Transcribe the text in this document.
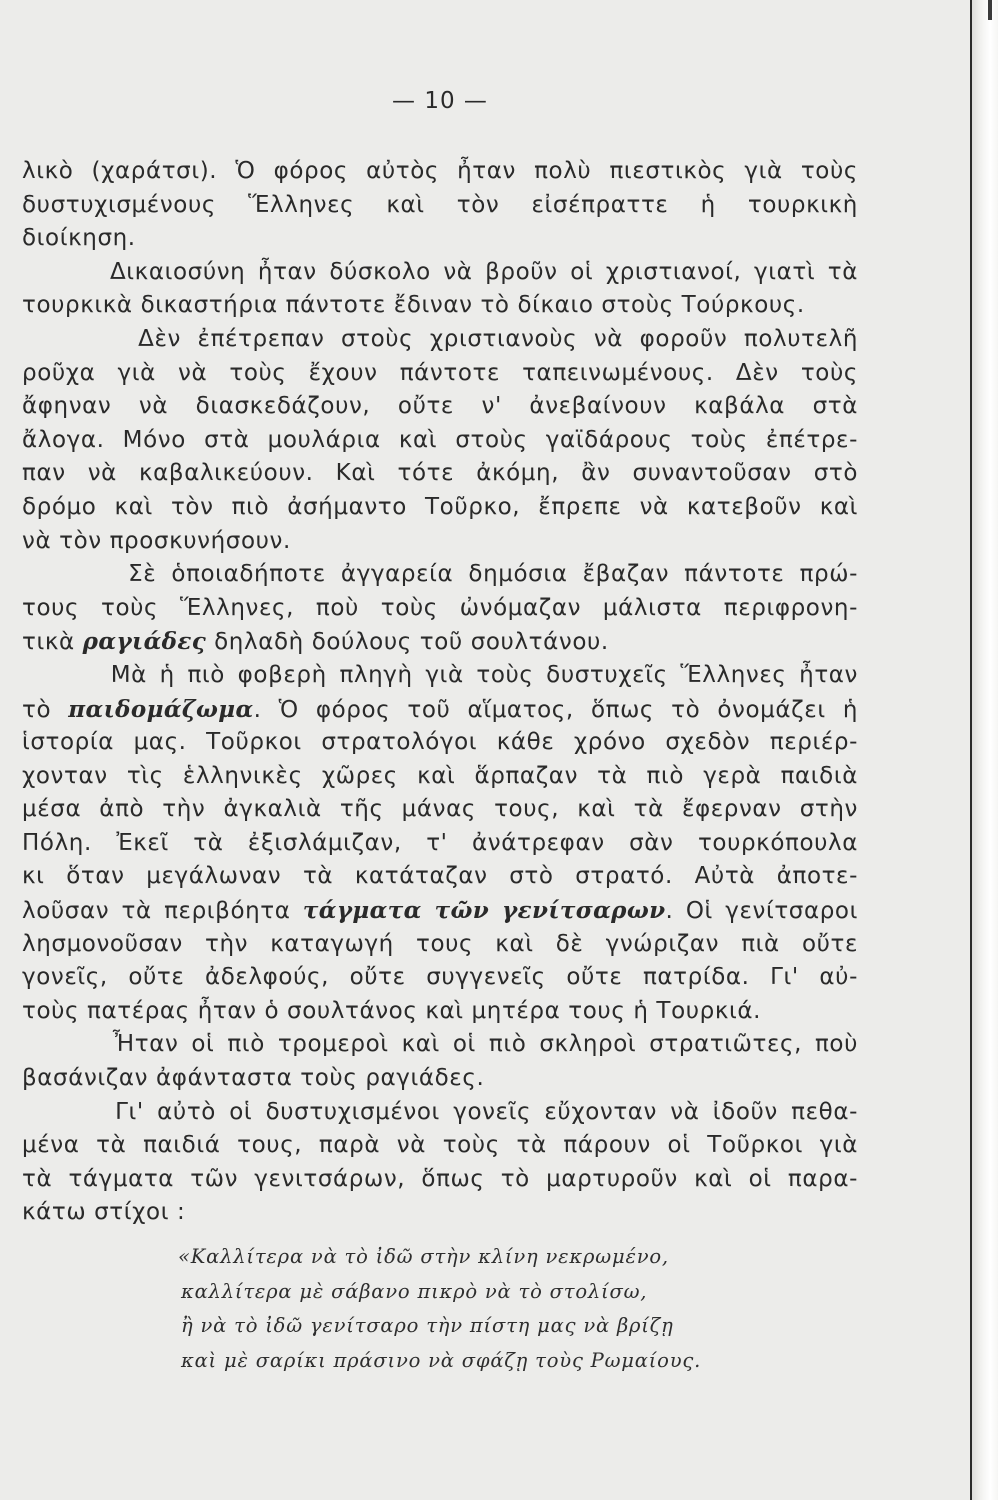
— 10 —
λικὸ (χαράτσι). Ὁ φόρος αὐτὸς ἦταν πολὺ πιεστικὸς γιὰ τοὺς
δυστυχισμένους Ἕλληνες καὶ τὸν εἰσέπραττε ἡ τουρκικὴ
διοίκηση.
Δικαιοσύνη ἦταν δύσκολο νὰ βροῦν οἱ χριστιανοί, γιατὶ τὰ
τουρκικὰ δικαστήρια πάντοτε ἔδιναν τὸ δίκαιο στοὺς Τούρκους.
Δὲν ἐπέτρεπαν στοὺς χριστιανοὺς νὰ φοροῦν πολυτελῆ
ροῦχα γιὰ νὰ τοὺς ἔχουν πάντοτε ταπεινωμένους. Δὲν τοὺς
ἄφηναν νὰ διασκεδάζουν, οὔτε ν' ἀνεβαίνουν καβάλα στὰ
ἄλογα. Μόνο στὰ μουλάρια καὶ στοὺς γαϊδάρους τοὺς ἐπέτρε-
παν νὰ καβαλικεύουν. Καὶ τότε ἀκόμη, ἂν συναντοῦσαν στὸ
δρόμο καὶ τὸν πιὸ ἀσήμαντο Τοῦρκο, ἔπρεπε νὰ κατεβοῦν καὶ
νὰ τὸν προσκυνήσουν.
Σὲ ὁποιαδήποτε ἀγγαρεία δημόσια ἔβαζαν πάντοτε πρώ-
τους τοὺς Ἕλληνες, ποὺ τοὺς ὠνόμαζαν μάλιστα περιφρονη-
τικὰ ραγιάδες δηλαδὴ δούλους τοῦ σουλτάνου.
Μὰ ἡ πιὸ φοβερὴ πληγὴ γιὰ τοὺς δυστυχεῖς Ἕλληνες ἦταν
τὸ παιδομάζωμα. Ὁ φόρος τοῦ αἵματος, ὅπως τὸ ὀνομάζει ἡ
ἱστορία μας. Τοῦρκοι στρατολόγοι κάθε χρόνο σχεδὸν περιέρ-
χονταν τὶς ἑλληνικὲς χῶρες καὶ ἅρπαζαν τὰ πιὸ γερὰ παιδιὰ
μέσα ἀπὸ τὴν ἀγκαλιὰ τῆς μάνας τους, καὶ τὰ ἔφερναν στὴν
Πόλη. Ἐκεῖ τὰ ἐξισλάμιζαν, τ' ἀνάτρεφαν σὰν τουρκόπουλα
κι ὅταν μεγάλωναν τὰ κατάταζαν στὸ στρατό. Αὐτὰ ἀποτε-
λοῦσαν τὰ περιβόητα τάγματα τῶν γενίτσαρων. Οἱ γενίτσαροι
λησμονοῦσαν τὴν καταγωγή τους καὶ δὲ γνώριζαν πιὰ οὔτε
γονεῖς, οὔτε ἀδελφούς, οὔτε συγγενεῖς οὔτε πατρίδα. Γι' αὐ-
τοὺς πατέρας ἦταν ὁ σουλτάνος καὶ μητέρα τους ἡ Τουρκιά.
Ἦταν οἱ πιὸ τρομεροὶ καὶ οἱ πιὸ σκληροὶ στρατιῶτες, ποὺ
βασάνιζαν ἀφάνταστα τοὺς ραγιάδες.
Γι' αὐτὸ οἱ δυστυχισμένοι γονεῖς εὔχονταν νὰ ἰδοῦν πεθα-
μένα τὰ παιδιά τους, παρὰ νὰ τοὺς τὰ πάρουν οἱ Τοῦρκοι γιὰ
τὰ τάγματα τῶν γενιτσάρων, ὅπως τὸ μαρτυροῦν καὶ οἱ παρα-
κάτω στίχοι :
«Καλλίτερα νὰ τὸ ἰδῶ στὴν κλίνη νεκρωμένο,
καλλίτερα μὲ σάβανο πικρὸ νὰ τὸ στολίσω,
ἢ νὰ τὸ ἰδῶ γενίτσαρο τὴν πίστη μας νὰ βρίζῃ
καὶ μὲ σαρίκι πράσινο νὰ σφάζῃ τοὺς Ρωμαίους.
